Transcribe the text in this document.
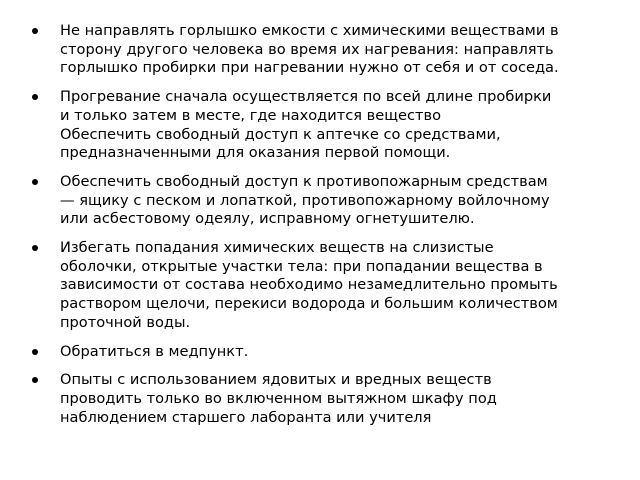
Не направлять горлышко емкости с химическими веществами в
сторону другого человека во время их нагревания: направлять
горлышко пробирки при нагревании нужно от себя и от соседа.
Прогревание сначала осуществляется по всей длине пробирки
и только затем в месте, где находится вещество
Обеспечить свободный доступ к аптечке со средствами,
предназначенными для оказания первой помощи.
Обеспечить свободный доступ к противопожарным средствам
— ящику с песком и лопаткой, противопожарному войлочному
или асбестовому одеялу, исправному огнетушителю.
Избегать попадания химических веществ на слизистые
оболочки, открытые участки тела: при попадании вещества в
зависимости от состава необходимо незамедлительно промыть
раствором щелочи, перекиси водорода и большим количеством
проточной воды.
Обратиться в медпункт.
Опыты с использованием ядовитых и вредных веществ
проводить только во включенном вытяжном шкафу под
наблюдением старшего лаборанта или учителя
